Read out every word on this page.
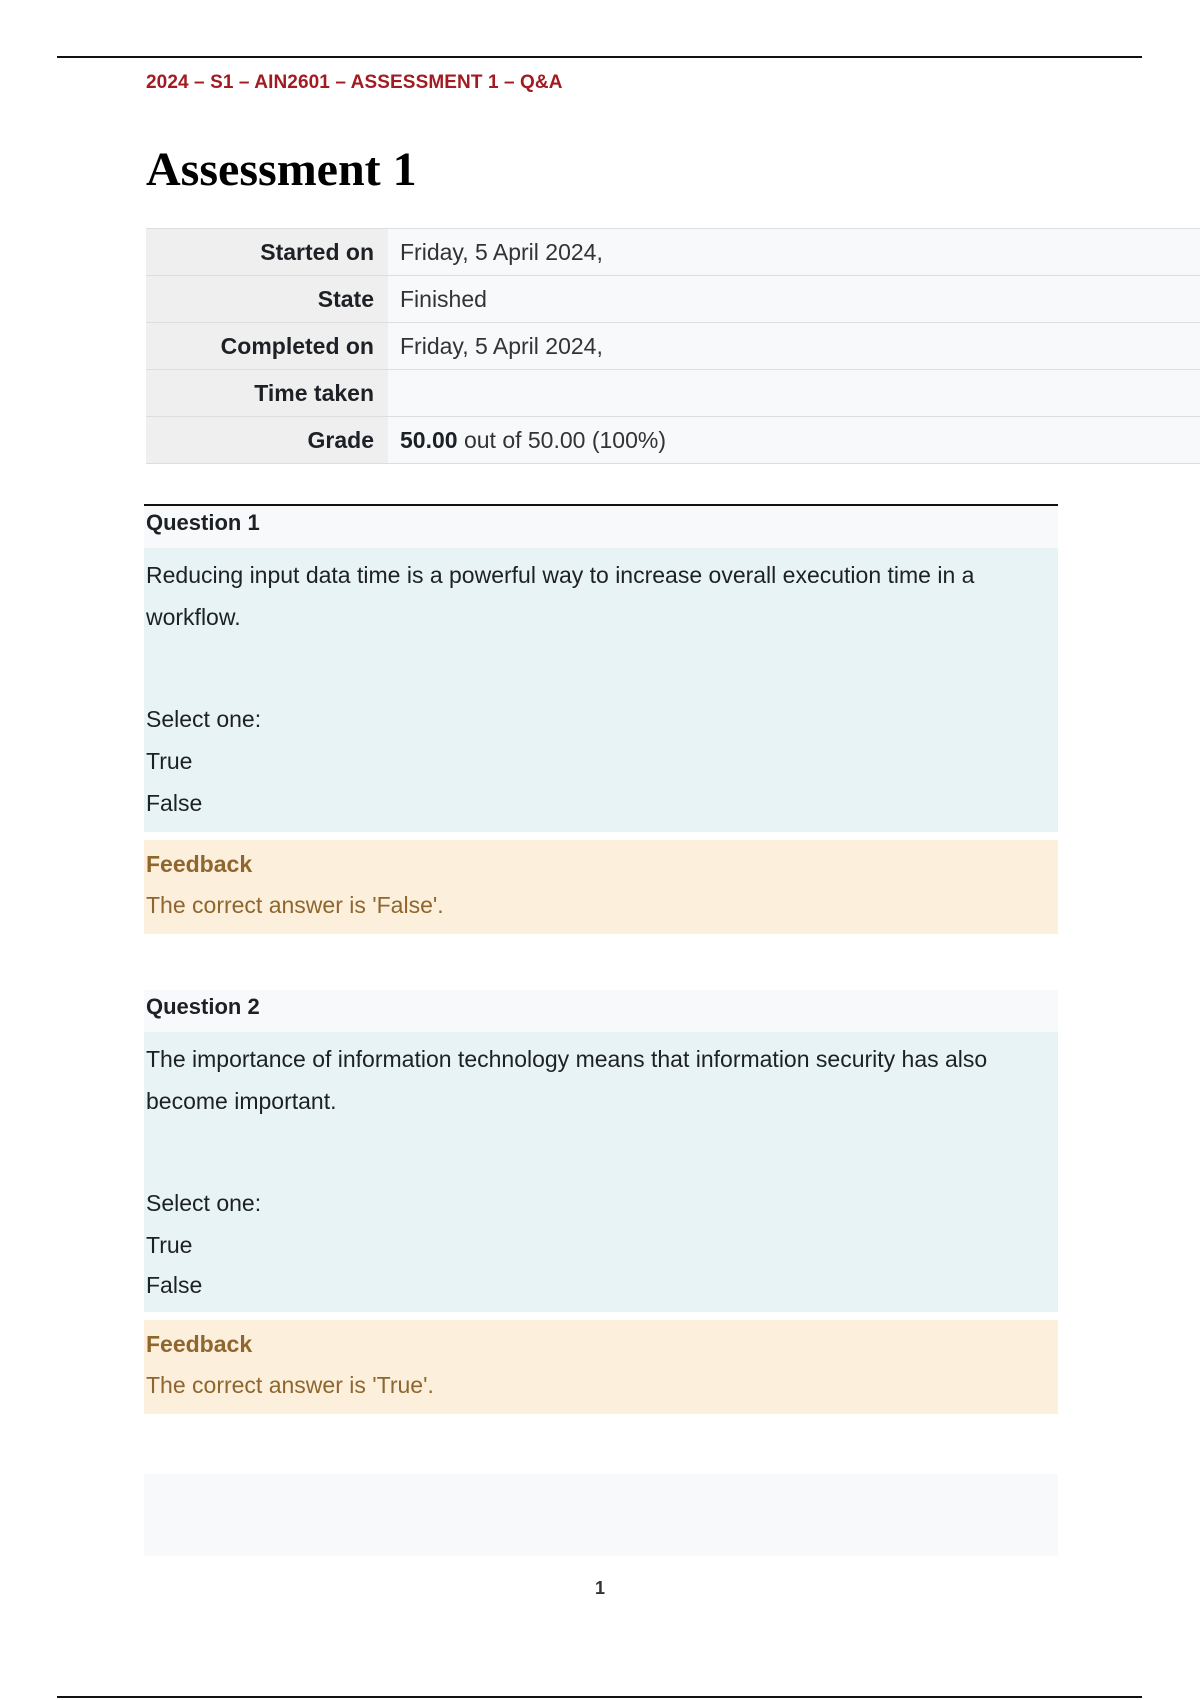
2024 – S1 – AIN2601 – ASSESSMENT 1 – Q&A
Assessment 1
Started on	Friday, 5 April 2024,
State	Finished
Completed on	Friday, 5 April 2024,
Time taken	
Grade	50.00 out of 50.00 (100%)
Question 1

Reducing input data time is a powerful way to increase overall execution time in a workflow.

Select one:

True

False

Feedback
The correct answer is 'False'.
Question 2

The importance of information technology means that information security has also become important.

Select one:

True

False

Feedback
The correct answer is 'True'.
1
